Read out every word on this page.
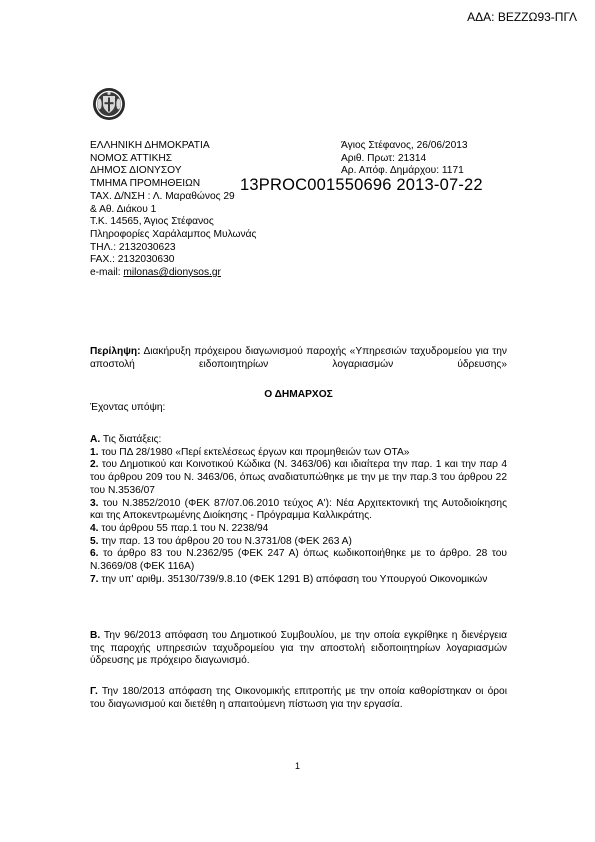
ΑΔΑ: ΒΕΖΖΩ93-ΠΓΛ
ΕΛΛΗΝΙΚΗ ΔΗΜΟΚΡΑΤΙΑ
ΝΟΜΟΣ ΑΤΤΙΚΗΣ
ΔΗΜΟΣ ΔΙΟΝΥΣΟΥ
ΤΜΗΜΑ ΠΡΟΜΗΘΕΙΩΝ
ΤΑΧ. Δ/ΝΣΗ : Λ. Μαραθώνος 29
& Αθ. Διάκου 1
Τ.Κ. 14565, Άγιος Στέφανος
Πληροφορίες Χαράλαμπος Μυλωνάς
ΤΗΛ.: 2132030623
FAX.: 2132030630
e-mail: milonas@dionysos.gr
Άγιος Στέφανος, 26/06/2013
Αριθ. Πρωτ: 21314
Αρ. Απόφ. Δημάρχου: 1171
13PROC001550696 2013-07-22
Περίληψη: Διακήρυξη πρόχειρου διαγωνισμού παροχής «Υπηρεσιών ταχυδρομείου για την αποστολή ειδοποιητηρίων λογαριασμών ύδρευσης»
Ο ΔΗΜΑΡΧΟΣ
Έχοντας υπόψη:
Α. Τις διατάξεις:
1. του ΠΔ 28/1980 «Περί εκτελέσεως έργων και προμηθειών των ΟΤΑ»
2. του Δημοτικού και Κοινοτικού Κώδικα (Ν. 3463/06) και ιδιαίτερα την παρ. 1 και την παρ 4 του άρθρου 209 του Ν. 3463/06, όπως αναδιατυπώθηκε με την με την παρ.3 του άρθρου 22 του Ν.3536/07
3. του Ν.3852/2010 (ΦΕΚ 87/07.06.2010 τεύχος Α'): Νέα Αρχιτεκτονική της Αυτοδιοίκησης και της Αποκεντρωμένης Διοίκησης - Πρόγραμμα Καλλικράτης.
4. του άρθρου 55 παρ.1 του Ν. 2238/94
5. την παρ. 13 του άρθρου 20 του Ν.3731/08 (ΦΕΚ 263 Α)
6. το άρθρο 83 του Ν.2362/95 (ΦΕΚ 247 Α) όπως κωδικοποιήθηκε με το άρθρο. 28 του Ν.3669/08 (ΦΕΚ 116Α)
7. την υπ' αριθμ. 35130/739/9.8.10 (ΦΕΚ 1291 Β) απόφαση του Υπουργού Οικονομικών
Β. Την 96/2013 απόφαση του Δημοτικού Συμβουλίου, με την οποία εγκρίθηκε η διενέργεια της παροχής υπηρεσιών ταχυδρομείου για την αποστολή ειδοποιητηρίων λογαριασμών ύδρευσης με πρόχειρο διαγωνισμό.
Γ. Την 180/2013 απόφαση της Οικονομικής επιτροπής με την οποία καθορίστηκαν οι όροι του διαγωνισμού και διετέθη η απαιτούμενη πίστωση για την εργασία.
1
